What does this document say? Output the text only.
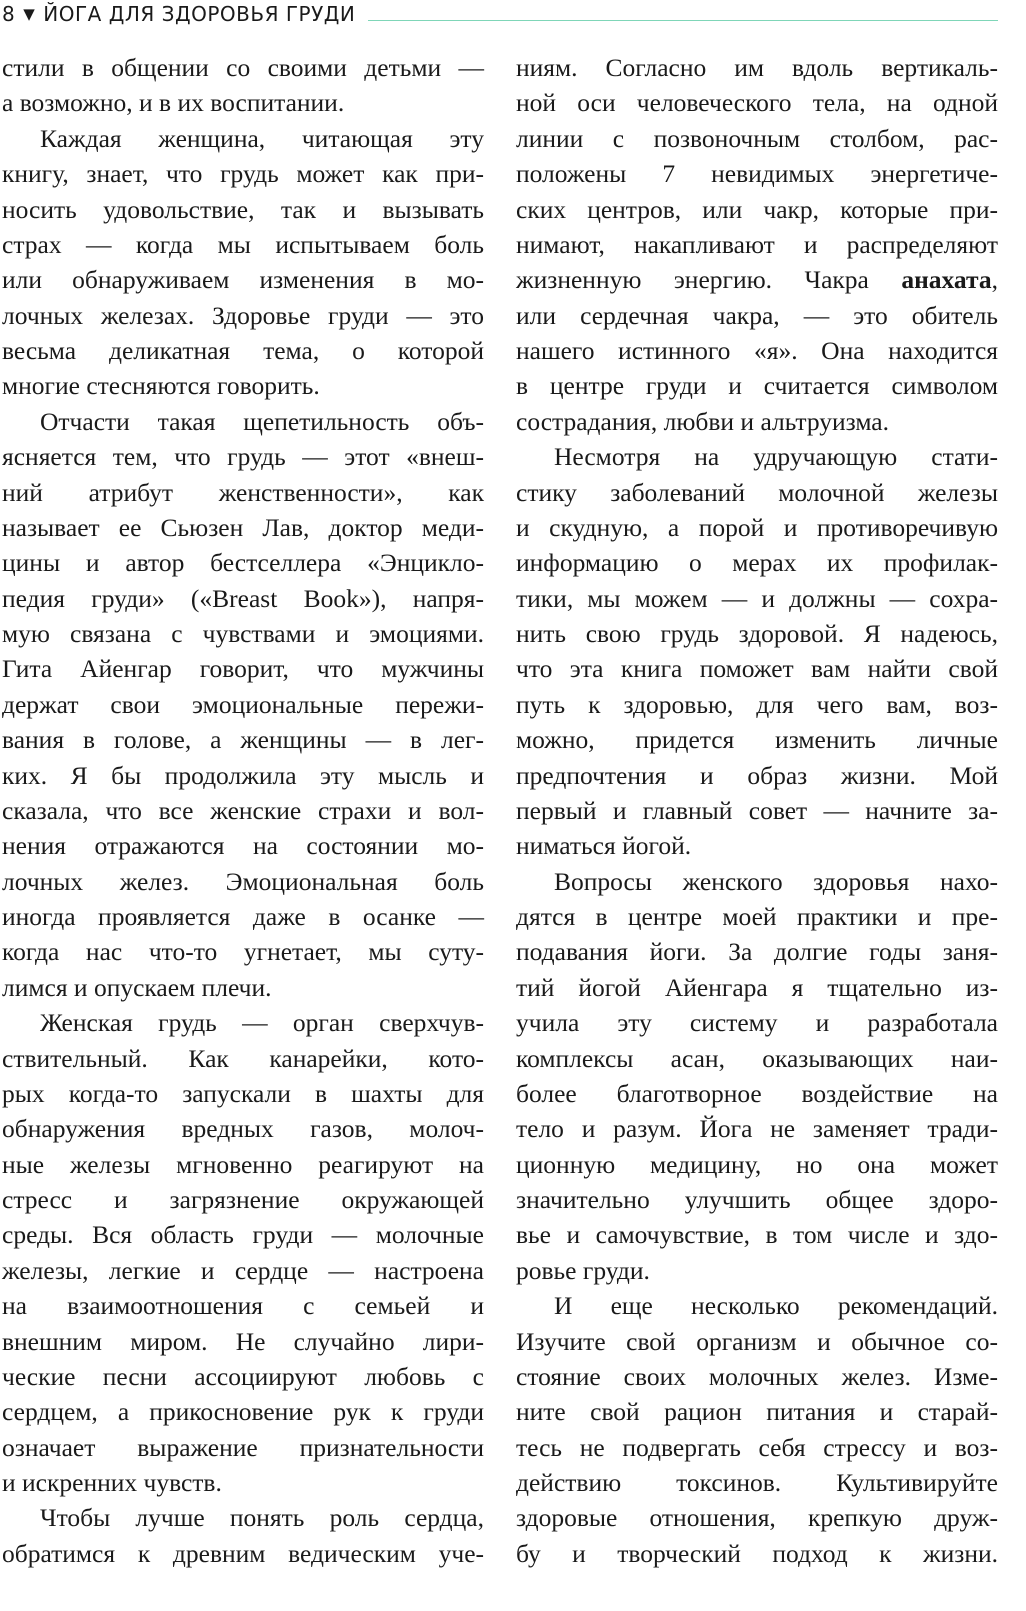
8 ▼ ЙОГА ДЛЯ ЗДОРОВЬЯ ГРУДИ
стили в общении со своими детьми —
а возможно, и в их воспитании.
Каждая женщина, читающая эту
книгу, знает, что грудь может как при-
носить удовольствие, так и вызывать
страх — когда мы испытываем боль
или обнаруживаем изменения в мо-
лочных железах. Здоровье груди — это
весьма деликатная тема, о которой
многие стесняются говорить.
Отчасти такая щепетильность объ-
ясняется тем, что грудь — этот «внеш-
ний атрибут женственности», как
называет ее Сьюзен Лав, доктор меди-
цины и автор бестселлера «Энцикло-
педия груди» («Breast Book»), напря-
мую связана с чувствами и эмоциями.
Гита Айенгар говорит, что мужчины
держат свои эмоциональные пережи-
вания в голове, а женщины — в лег-
ких. Я бы продолжила эту мысль и
сказала, что все женские страхи и вол-
нения отражаются на состоянии мо-
лочных желез. Эмоциональная боль
иногда проявляется даже в осанке —
когда нас что-то угнетает, мы суту-
лимся и опускаем плечи.
Женская грудь — орган сверхчув-
ствительный. Как канарейки, кото-
рых когда-то запускали в шахты для
обнаружения вредных газов, молоч-
ные железы мгновенно реагируют на
стресс и загрязнение окружающей
среды. Вся область груди — молочные
железы, легкие и сердце — настроена
на взаимоотношения с семьей и
внешним миром. Не случайно лири-
ческие песни ассоциируют любовь с
сердцем, а прикосновение рук к груди
означает выражение признательности
и искренних чувств.
Чтобы лучше понять роль сердца,
обратимся к древним ведическим уче-
ниям. Согласно им вдоль вертикаль-
ной оси человеческого тела, на одной
линии с позвоночным столбом, рас-
положены 7 невидимых энергетиче-
ских центров, или чакр, которые при-
нимают, накапливают и распределяют
жизненную энергию. Чакра анахата,
или сердечная чакра, — это обитель
нашего истинного «я». Она находится
в центре груди и считается символом
сострадания, любви и альтруизма.
Несмотря на удручающую стати-
стику заболеваний молочной железы
и скудную, а порой и противоречивую
информацию о мерах их профилак-
тики, мы можем — и должны — сохра-
нить свою грудь здоровой. Я надеюсь,
что эта книга поможет вам найти свой
путь к здоровью, для чего вам, воз-
можно, придется изменить личные
предпочтения и образ жизни. Мой
первый и главный совет — начните за-
ниматься йогой.
Вопросы женского здоровья нахо-
дятся в центре моей практики и пре-
подавания йоги. За долгие годы заня-
тий йогой Айенгара я тщательно из-
учила эту систему и разработала
комплексы асан, оказывающих наи-
более благотворное воздействие на
тело и разум. Йога не заменяет тради-
ционную медицину, но она может
значительно улучшить общее здоро-
вье и самочувствие, в том числе и здо-
ровье груди.
И еще несколько рекомендаций.
Изучите свой организм и обычное со-
стояние своих молочных желез. Изме-
ните свой рацион питания и старай-
тесь не подвергать себя стрессу и воз-
действию токсинов. Культивируйте
здоровые отношения, крепкую друж-
бу и творческий подход к жизни.
